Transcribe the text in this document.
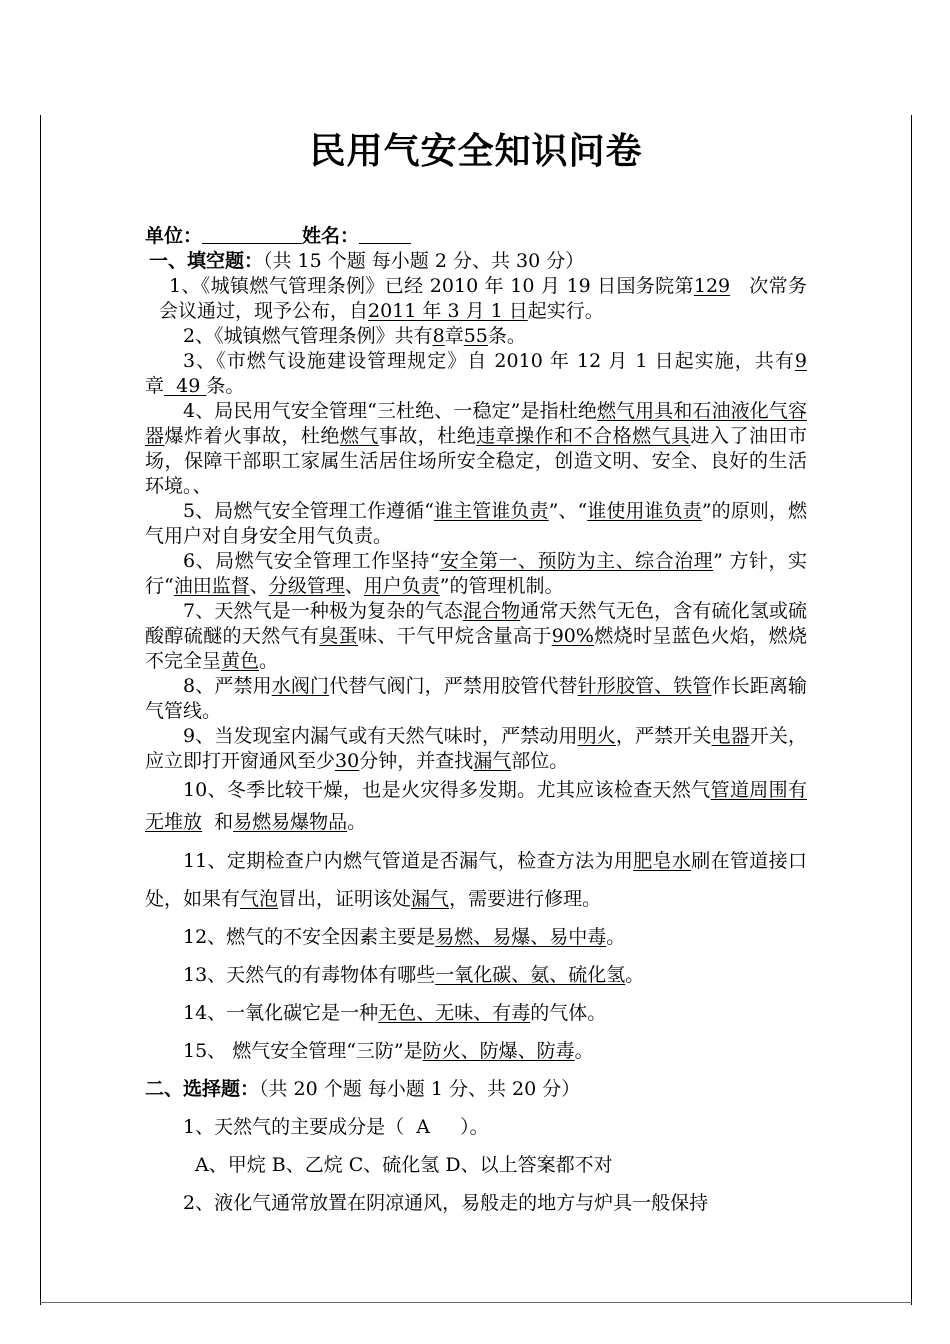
民用气安全知识问卷

单位：	姓名：

一、填空题：（共 15 个题 每小题 2 分、共 30 分）

1、《城镇燃气管理条例》已经 2010 年 10 月 19 日国务院第129 次常务会议通过，现予公布，自2011 年 3 月 1 日起实行。

2、《城镇燃气管理条例》共有8章55条。

3、《市燃气设施建设管理规定》自 2010 年 12 月 1 日起实施，共有9章 49 条。

4、局民用气安全管理“三杜绝、一稳定”是指杜绝燃气用具和石油液化气容器爆炸着火事故，杜绝燃气事故，杜绝违章操作和不合格燃气具进入了油田市场，保障干部职工家属生活居住场所安全稳定，创造文明、安全、良好的生活环境。、

5、局燃气安全管理工作遵循“谁主管谁负责”、“谁使用谁负责”的原则，燃气用户对自身安全用气负责。

6、局燃气安全管理工作坚持“安全第一、预防为主、综合治理” 方针，实行“油田监督、分级管理、用户负责”的管理机制。

7、天然气是一种极为复杂的气态混合物通常天然气无色，含有硫化氢或硫酸醇硫醚的天然气有臭蛋味、干气甲烷含量高于90%燃烧时呈蓝色火焰，燃烧不完全呈黄色。

8、严禁用水阀门代替气阀门，严禁用胶管代替针形胶管、铁管作长距离输气管线。

9、当发现室内漏气或有天然气味时，严禁动用明火，严禁开关电器开关，应立即打开窗通风至少30分钟，并查找漏气部位。

10、冬季比较干燥，也是火灾得多发期。尤其应该检查天然气管道周围有无堆放 和易燃易爆物品。

11、定期检查户内燃气管道是否漏气，检查方法为用肥皂水刷在管道接口处，如果有气泡冒出，证明该处漏气，需要进行修理。

12、燃气的不安全因素主要是易燃、易爆、易中毒。

13、天然气的有毒物体有哪些一氧化碳、氨、硫化氢。

14、一氧化碳它是一种无色、无味、有毒的气体。

15、 燃气安全管理“三防”是防火、防爆、防毒。

二、选择题：（共 20 个题 每小题 1 分、共 20 分）

1、天然气的主要成分是（ A ）。

A、甲烷 B、乙烷 C、硫化氢 D、以上答案都不对

2、液化气通常放置在阴凉通风，易般走的地方与炉具一般保持
